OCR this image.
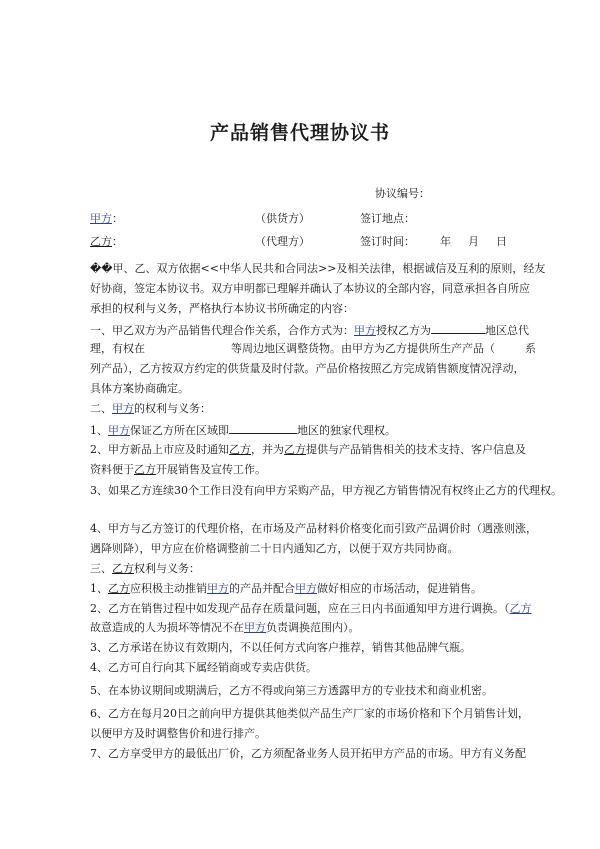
产品销售代理协议书
协议编号：
甲方：	（供货方）	签订地点：
乙方：	（代理方）	签订时间： 年 月 日
��甲、乙、双方依据<<中华人民共和合同法>>及相关法律，根据诚信及互利的原则，经友
好协商，签定本协议书。双方申明都已理解并确认了本协议的全部内容，同意承担各自所应
承担的权利与义务，严格执行本协议书所确定的内容：
一、甲乙双方为产品销售代理合作关系，合作方式为：甲方授权乙方为	地区总代
理，有权在	等周边地区调整货物。由甲方为乙方提供所生产产品（	系
列产品），乙方按双方约定的供货量及时付款。产品价格按照乙方完成销售额度情况浮动，
具体方案协商确定。
二、甲方的权利与义务：
1、甲方保证乙方所在区域即	地区的独家代理权。
2、甲方新品上市应及时通知乙方，并为乙方提供与产品销售相关的技术支持、客户信息及
资料便于乙方开展销售及宣传工作。
3、如果乙方连续30个工作日没有向甲方采购产品，甲方视乙方销售情况有权终止乙方的代理权。
4、甲方与乙方签订的代理价格，在市场及产品材料价格变化而引致产品调价时（遇涨则涨，
遇降则降），甲方应在价格调整前二十日内通知乙方，以便于双方共同协商。
三、乙方权利与义务：
1、乙方应积极主动推销甲方的产品并配合甲方做好相应的市场活动，促进销售。
2、乙方在销售过程中如发现产品存在质量问题，应在三日内书面通知甲方进行调换。（乙方
故意造成的人为损坏等情况不在甲方负责调换范围内）。
3、乙方承诺在协议有效期内，不以任何方式向客户推荐，销售其他品牌气瓶。
4、乙方可自行向其下属经销商或专卖店供货。
5、在本协议期间或期满后，乙方不得或向第三方透露甲方的专业技术和商业机密。
6、乙方在每月20日之前向甲方提供其他类似产品生产厂家的市场价格和下个月销售计划，
以便甲方及时调整售价和进行排产。
7、乙方享受甲方的最低出厂价，乙方须配备业务人员开拓甲方产品的市场。甲方有义务配
